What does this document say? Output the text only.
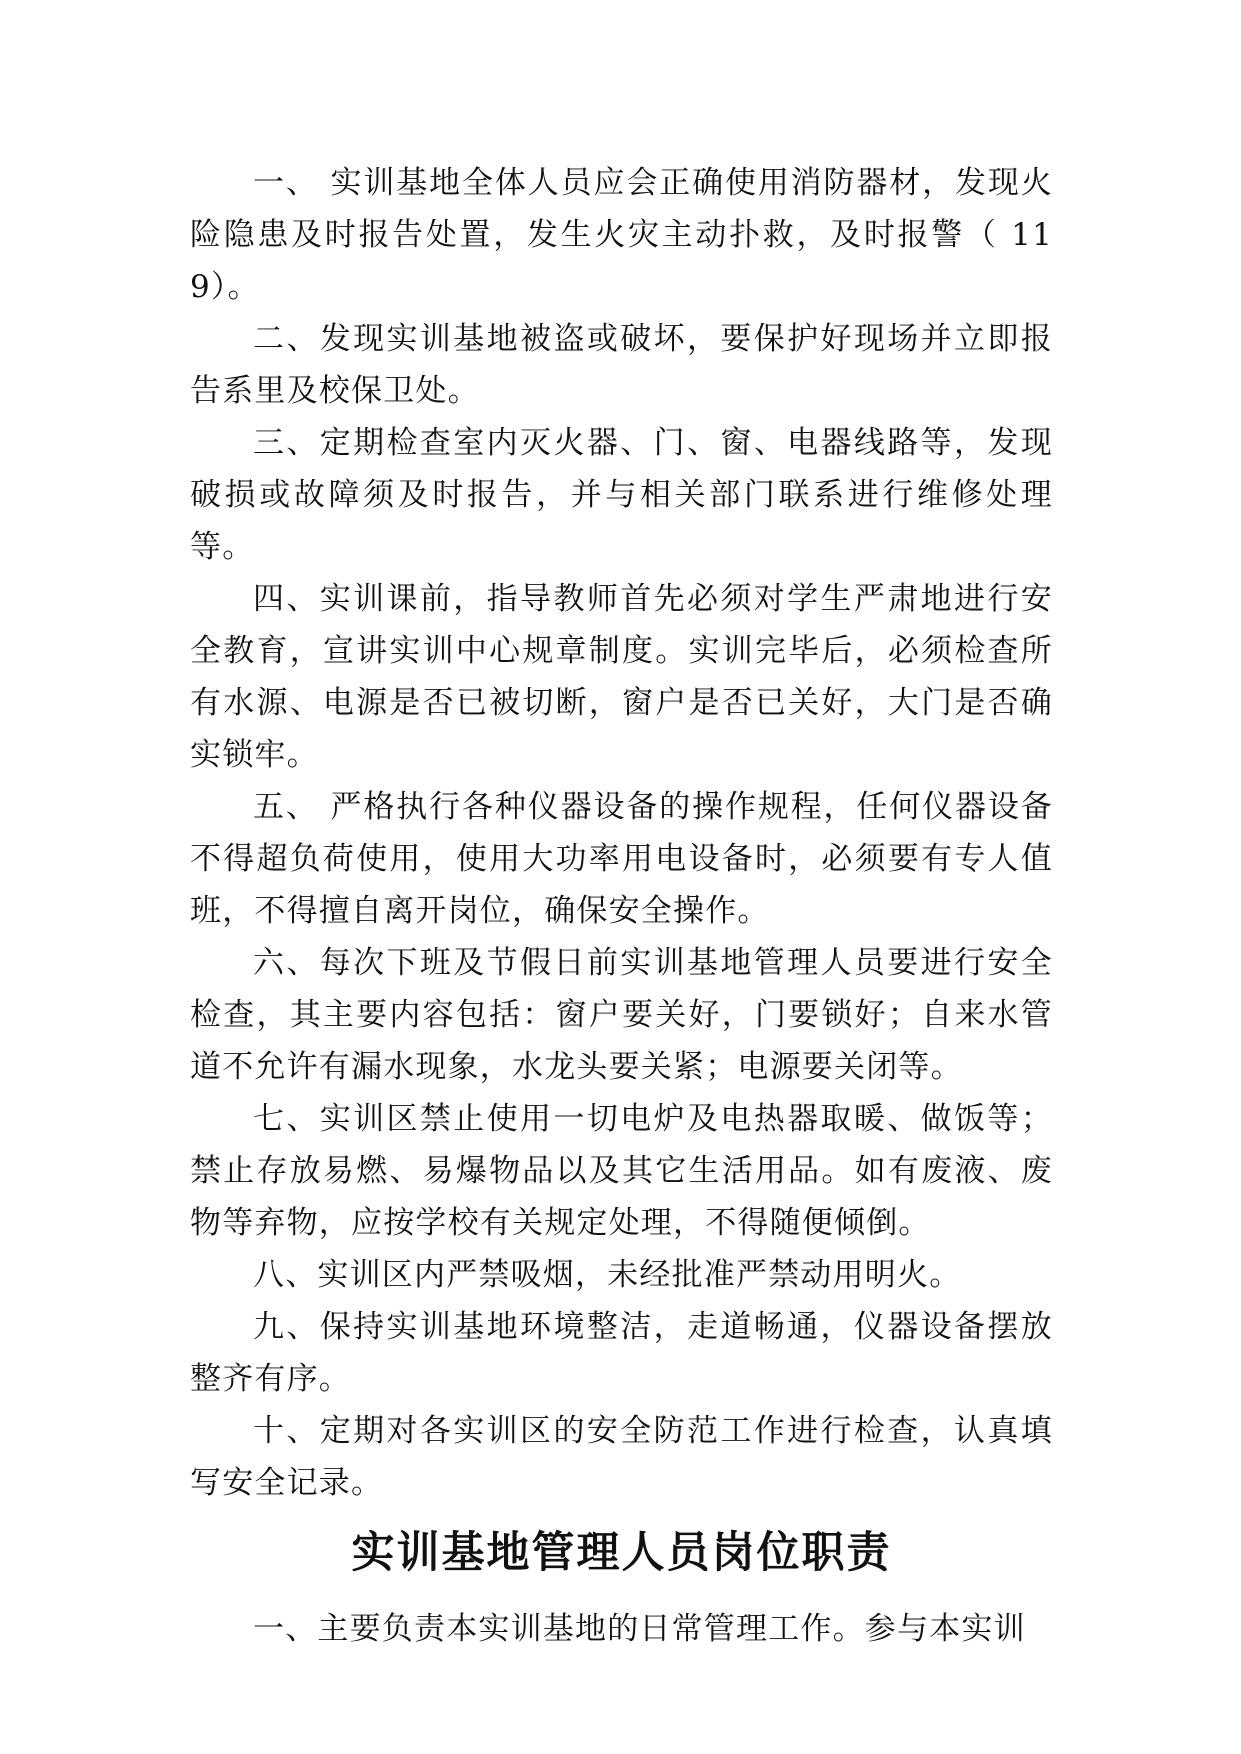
一、 实训基地全体人员应会正确使用消防器材，发现火险隐患及时报告处置，发生火灾主动扑救，及时报警（ 119）。

二、发现实训基地被盗或破坏，要保护好现场并立即报告系里及校保卫处。

三、定期检查室内灭火器、门、窗、电器线路等，发现破损或故障须及时报告，并与相关部门联系进行维修处理等。

四、实训课前，指导教师首先必须对学生严肃地进行安全教育，宣讲实训中心规章制度。实训完毕后，必须检查所有水源、电源是否已被切断，窗户是否已关好，大门是否确实锁牢。

五、 严格执行各种仪器设备的操作规程，任何仪器设备不得超负荷使用，使用大功率用电设备时，必须要有专人值班，不得擅自离开岗位，确保安全操作。

六、每次下班及节假日前实训基地管理人员要进行安全检查，其主要内容包括：窗户要关好，门要锁好；自来水管道不允许有漏水现象，水龙头要关紧；电源要关闭等。

七、实训区禁止使用一切电炉及电热器取暖、做饭等；禁止存放易燃、易爆物品以及其它生活用品。如有废液、废物等弃物，应按学校有关规定处理，不得随便倾倒。

八、实训区内严禁吸烟，未经批准严禁动用明火。

九、保持实训基地环境整洁，走道畅通，仪器设备摆放整齐有序。

十、定期对各实训区的安全防范工作进行检查，认真填写安全记录。

实训基地管理人员岗位职责

一、主要负责本实训基地的日常管理工作。参与本实训
